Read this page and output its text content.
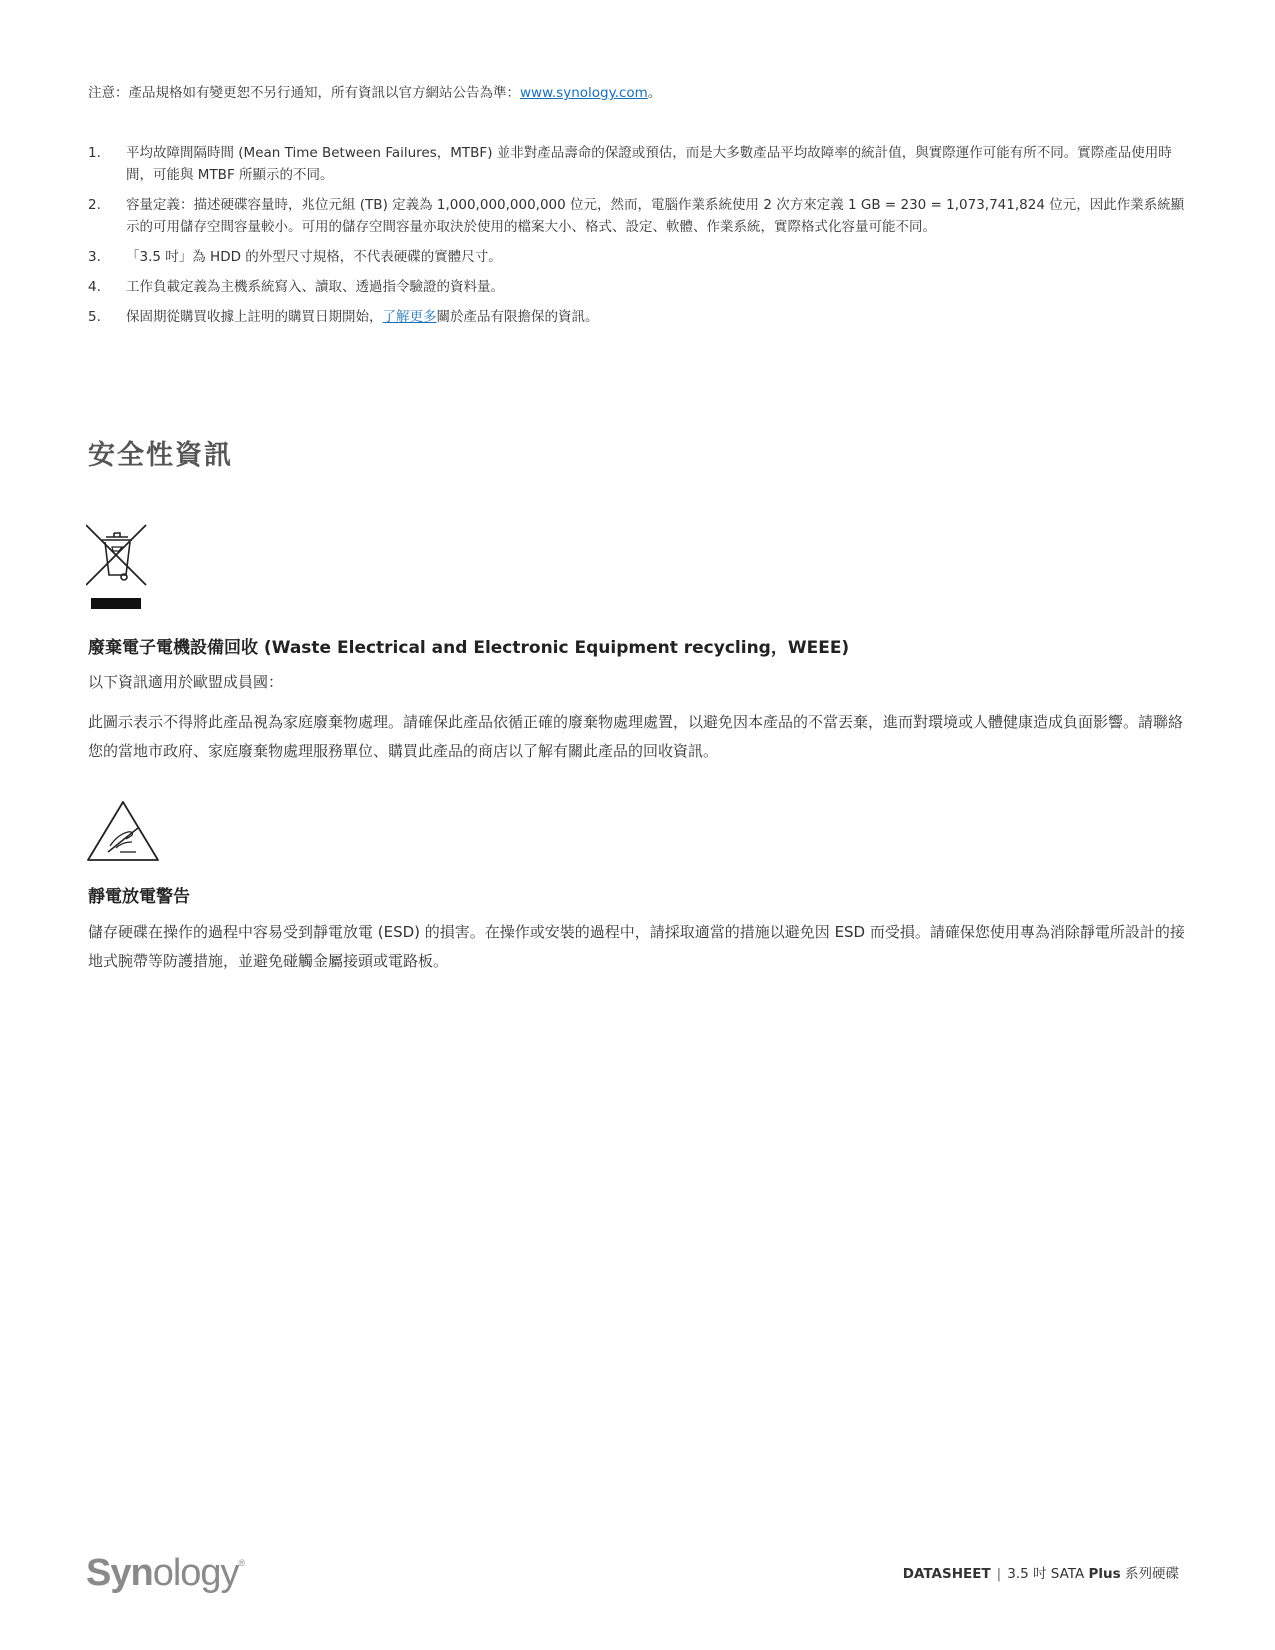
注意：產品規格如有變更恕不另行通知，所有資訊以官方網站公告為準：www.synology.com。

1. 平均故障間隔時間 (Mean Time Between Failures，MTBF) 並非對產品壽命的保證或預估，而是大多數產品平均故障率的統計值，與實際運作可能有所不同。實際產品使用時間，可能與 MTBF 所顯示的不同。
2. 容量定義：描述硬碟容量時，兆位元組 (TB) 定義為 1,000,000,000,000 位元，然而，電腦作業系統使用 2 次方來定義 1 GB = 230 = 1,073,741,824 位元，因此作業系統顯示的可用儲存空間容量較小。可用的儲存空間容量亦取決於使用的檔案大小、格式、設定、軟體、作業系統，實際格式化容量可能不同。
3. 「3.5 吋」為 HDD 的外型尺寸規格，不代表硬碟的實體尺寸。
4. 工作負載定義為主機系統寫入、讀取、透過指令驗證的資料量。
5. 保固期從購買收據上註明的購買日期開始，了解更多關於產品有限擔保的資訊。
安全性資訊
廢棄電子電機設備回收 (Waste Electrical and Electronic Equipment recycling，WEEE)

以下資訊適用於歐盟成員國：

此圖示表示不得將此產品視為家庭廢棄物處理。請確保此產品依循正確的廢棄物處理處置，以避免因本產品的不當丟棄，進而對環境或人體健康造成負面影響。請聯絡您的當地市政府、家庭廢棄物處理服務單位、購買此產品的商店以了解有關此產品的回收資訊。

靜電放電警告

儲存硬碟在操作的過程中容易受到靜電放電 (ESD) 的損害。在操作或安裝的過程中，請採取適當的措施以避免因 ESD 而受損。請確保您使用專為消除靜電所設計的接地式腕帶等防護措施，並避免碰觸金屬接頭或電路板。

Synology®
DATASHEET | 3.5 吋 SATA Plus 系列硬碟
